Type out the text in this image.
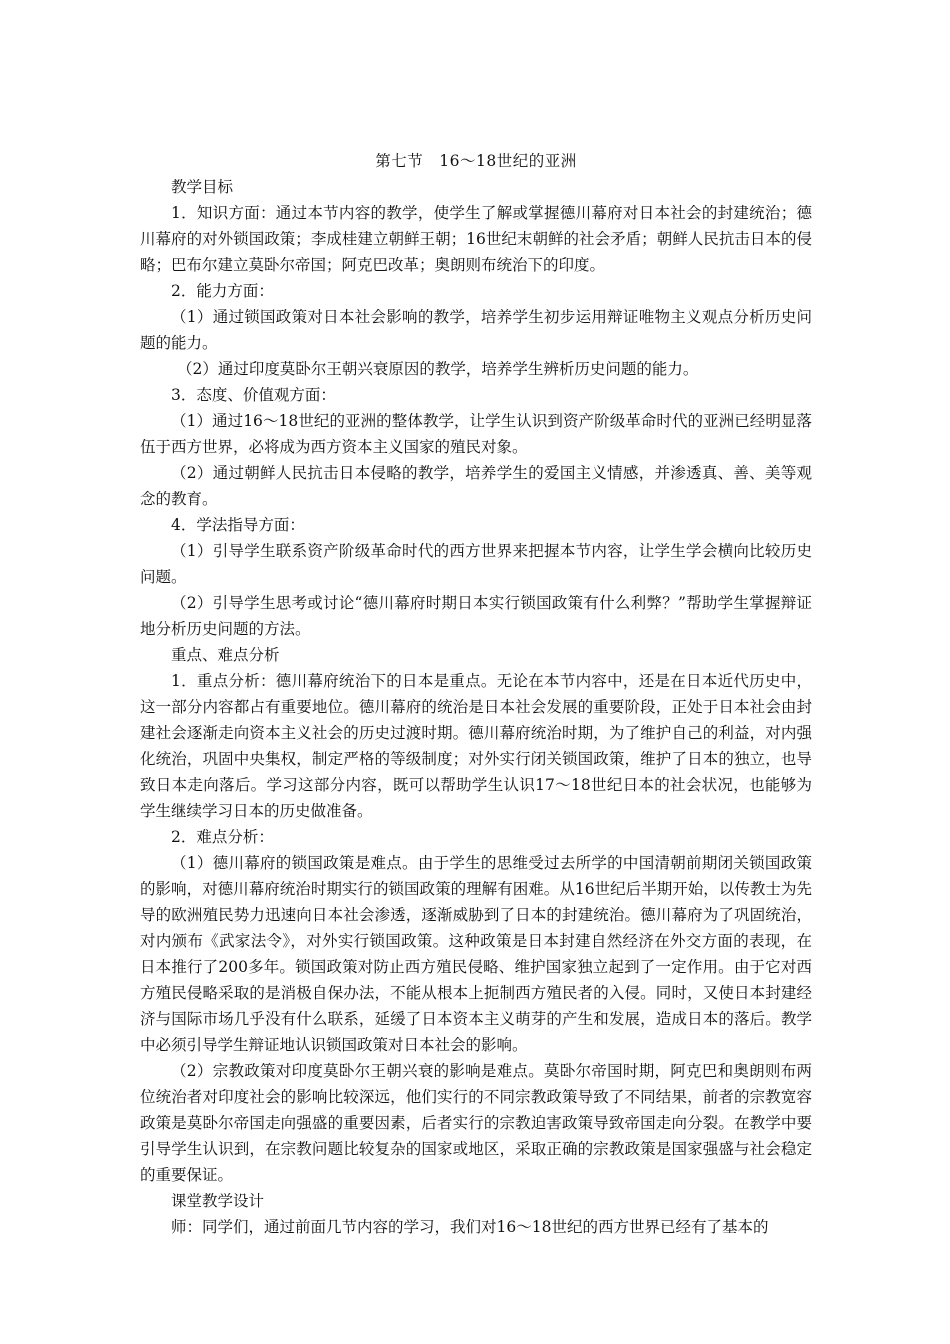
第七节　16～18世纪的亚洲

教学目标

1．知识方面：通过本节内容的教学，使学生了解或掌握德川幕府对日本社会的封建统治；德川幕府的对外锁国政策；李成桂建立朝鲜王朝；16世纪末朝鲜的社会矛盾；朝鲜人民抗击日本的侵略；巴布尔建立莫卧尔帝国；阿克巴改革；奥朗则布统治下的印度。

2．能力方面：

（1）通过锁国政策对日本社会影响的教学，培养学生初步运用辩证唯物主义观点分析历史问题的能力。

（2）通过印度莫卧尔王朝兴衰原因的教学，培养学生辨析历史问题的能力。

3．态度、价值观方面：

（1）通过16～18世纪的亚洲的整体教学，让学生认识到资产阶级革命时代的亚洲已经明显落伍于西方世界，必将成为西方资本主义国家的殖民对象。

（2）通过朝鲜人民抗击日本侵略的教学，培养学生的爱国主义情感，并渗透真、善、美等观念的教育。

4．学法指导方面：

（1）引导学生联系资产阶级革命时代的西方世界来把握本节内容，让学生学会横向比较历史问题。

（2）引导学生思考或讨论“德川幕府时期日本实行锁国政策有什么利弊？”帮助学生掌握辩证地分析历史问题的方法。

重点、难点分析

1．重点分析：德川幕府统治下的日本是重点。无论在本节内容中，还是在日本近代历史中，这一部分内容都占有重要地位。德川幕府的统治是日本社会发展的重要阶段，正处于日本社会由封建社会逐渐走向资本主义社会的历史过渡时期。德川幕府统治时期，为了维护自己的利益，对内强化统治，巩固中央集权，制定严格的等级制度；对外实行闭关锁国政策，维护了日本的独立，也导致日本走向落后。学习这部分内容，既可以帮助学生认识17～18世纪日本的社会状况，也能够为学生继续学习日本的历史做准备。

2．难点分析：

（1）德川幕府的锁国政策是难点。由于学生的思维受过去所学的中国清朝前期闭关锁国政策的影响，对德川幕府统治时期实行的锁国政策的理解有困难。从16世纪后半期开始，以传教士为先导的欧洲殖民势力迅速向日本社会渗透，逐渐威胁到了日本的封建统治。德川幕府为了巩固统治，对内颁布《武家法令》，对外实行锁国政策。这种政策是日本封建自然经济在外交方面的表现，在日本推行了200多年。锁国政策对防止西方殖民侵略、维护国家独立起到了一定作用。由于它对西方殖民侵略采取的是消极自保办法，不能从根本上扼制西方殖民者的入侵。同时，又使日本封建经济与国际市场几乎没有什么联系，延缓了日本资本主义萌芽的产生和发展，造成日本的落后。教学中必须引导学生辩证地认识锁国政策对日本社会的影响。

（2）宗教政策对印度莫卧尔王朝兴衰的影响是难点。莫卧尔帝国时期，阿克巴和奥朗则布两位统治者对印度社会的影响比较深远，他们实行的不同宗教政策导致了不同结果，前者的宗教宽容政策是莫卧尔帝国走向强盛的重要因素，后者实行的宗教迫害政策导致帝国走向分裂。在教学中要引导学生认识到，在宗教问题比较复杂的国家或地区，采取正确的宗教政策是国家强盛与社会稳定的重要保证。

课堂教学设计

师：同学们，通过前面几节内容的学习，我们对16～18世纪的西方世界已经有了基本的
